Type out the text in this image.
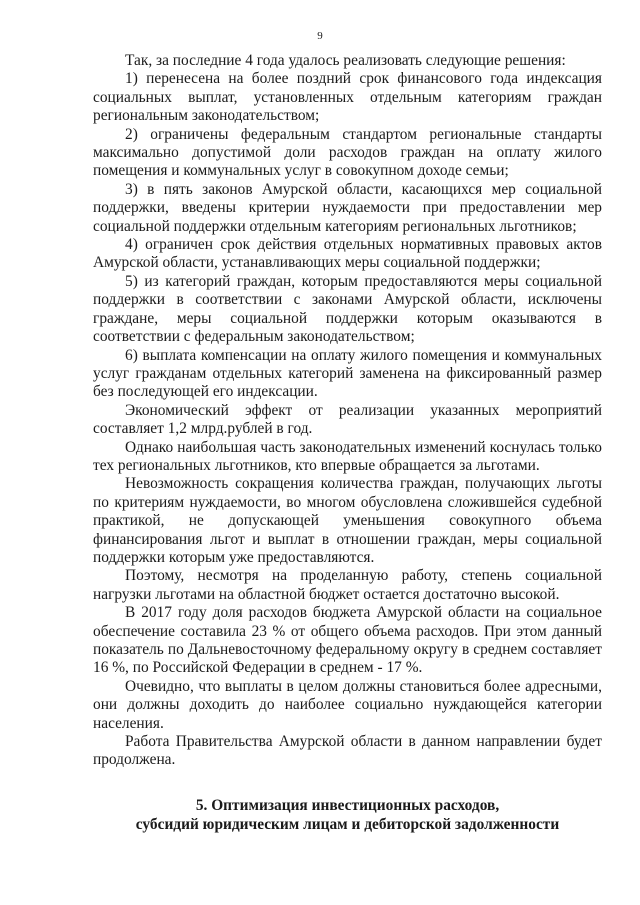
9

Так, за последние 4 года удалось реализовать следующие решения:

1) перенесена на более поздний срок финансового года индексация социальных выплат, установленных отдельным категориям граждан региональным законодательством;

2) ограничены федеральным стандартом региональные стандарты максимально допустимой доли расходов граждан на оплату жилого помещения и коммунальных услуг в совокупном доходе семьи;

3) в пять законов Амурской области, касающихся мер социальной поддержки, введены критерии нуждаемости при предоставлении мер социальной поддержки отдельным категориям региональных льготников;

4) ограничен срок действия отдельных нормативных правовых актов Амурской области, устанавливающих меры социальной поддержки;

5) из категорий граждан, которым предоставляются меры социальной поддержки в соответствии с законами Амурской области, исключены граждане, меры социальной поддержки которым оказываются в соответствии с федеральным законодательством;

6) выплата компенсации на оплату жилого помещения и коммунальных услуг гражданам отдельных категорий заменена на фиксированный размер без последующей его индексации.

Экономический эффект от реализации указанных мероприятий составляет 1,2 млрд.рублей в год.

Однако наибольшая часть законодательных изменений коснулась только тех региональных льготников, кто впервые обращается за льготами.

Невозможность сокращения количества граждан, получающих льготы по критериям нуждаемости, во многом обусловлена сложившейся судебной практикой, не допускающей уменьшения совокупного объема финансирования льгот и выплат в отношении граждан, меры социальной поддержки которым уже предоставляются.

Поэтому, несмотря на проделанную работу, степень социальной нагрузки льготами на областной бюджет остается достаточно высокой.

В 2017 году доля расходов бюджета Амурской области на социальное обеспечение составила 23 % от общего объема расходов. При этом данный показатель по Дальневосточному федеральному округу в среднем составляет 16 %, по Российской Федерации в среднем - 17 %.

Очевидно, что выплаты в целом должны становиться более адресными, они должны доходить до наиболее социально нуждающейся категории населения.

Работа Правительства Амурской области в данном направлении будет продолжена.

5. Оптимизация инвестиционных расходов,
субсидий юридическим лицам и дебиторской задолженности
